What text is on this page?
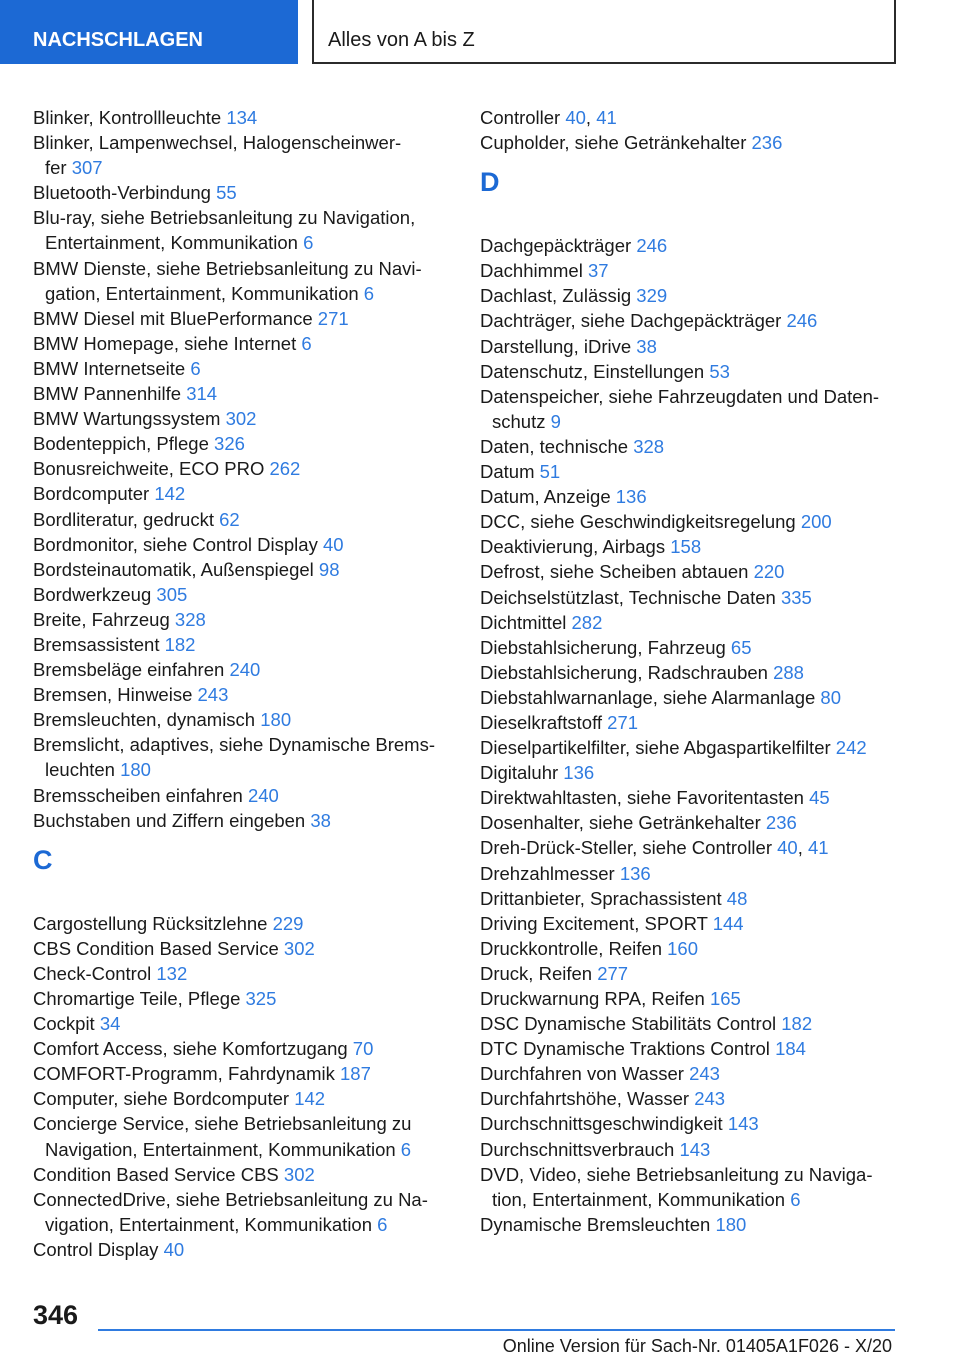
NACHSCHLAGEN	Alles von A bis Z
Blinker, Kontrollleuchte 134
Blinker, Lampenwechsel, Halogenscheinwer-
fer 307
Bluetooth-Verbindung 55
Blu-ray, siehe Betriebsanleitung zu Navigation,
Entertainment, Kommunikation 6
BMW Dienste, siehe Betriebsanleitung zu Navi-
gation, Entertainment, Kommunikation 6
BMW Diesel mit BluePerformance 271
BMW Homepage, siehe Internet 6
BMW Internetseite 6
BMW Pannenhilfe 314
BMW Wartungssystem 302
Bodenteppich, Pflege 326
Bonusreichweite, ECO PRO 262
Bordcomputer 142
Bordliteratur, gedruckt 62
Bordmonitor, siehe Control Display 40
Bordsteinautomatik, Außenspiegel 98
Bordwerkzeug 305
Breite, Fahrzeug 328
Bremsassistent 182
Bremsbeläge einfahren 240
Bremsen, Hinweise 243
Bremsleuchten, dynamisch 180
Bremslicht, adaptives, siehe Dynamische Brems-
leuchten 180
Bremsscheiben einfahren 240
Buchstaben und Ziffern eingeben 38
C
Cargostellung Rücksitzlehne 229
CBS Condition Based Service 302
Check-Control 132
Chromartige Teile, Pflege 325
Cockpit 34
Comfort Access, siehe Komfortzugang 70
COMFORT-Programm, Fahrdynamik 187
Computer, siehe Bordcomputer 142
Concierge Service, siehe Betriebsanleitung zu
Navigation, Entertainment, Kommunikation 6
Condition Based Service CBS 302
ConnectedDrive, siehe Betriebsanleitung zu Na-
vigation, Entertainment, Kommunikation 6
Control Display 40
Controller 40, 41
Cupholder, siehe Getränkehalter 236
D
Dachgepäckträger 246
Dachhimmel 37
Dachlast, Zulässig 329
Dachträger, siehe Dachgepäckträger 246
Darstellung, iDrive 38
Datenschutz, Einstellungen 53
Datenspeicher, siehe Fahrzeugdaten und Daten-
schutz 9
Daten, technische 328
Datum 51
Datum, Anzeige 136
DCC, siehe Geschwindigkeitsregelung 200
Deaktivierung, Airbags 158
Defrost, siehe Scheiben abtauen 220
Deichselstützlast, Technische Daten 335
Dichtmittel 282
Diebstahlsicherung, Fahrzeug 65
Diebstahlsicherung, Radschrauben 288
Diebstahlwarnanlage, siehe Alarmanlage 80
Dieselkraftstoff 271
Dieselpartikelfilter, siehe Abgaspartikelfilter 242
Digitaluhr 136
Direktwahltasten, siehe Favoritentasten 45
Dosenhalter, siehe Getränkehalter 236
Dreh-Drück-Steller, siehe Controller 40, 41
Drehzahlmesser 136
Drittanbieter, Sprachassistent 48
Driving Excitement, SPORT 144
Druckkontrolle, Reifen 160
Druck, Reifen 277
Druckwarnung RPA, Reifen 165
DSC Dynamische Stabilitäts Control 182
DTC Dynamische Traktions Control 184
Durchfahren von Wasser 243
Durchfahrtshöhe, Wasser 243
Durchschnittsgeschwindigkeit 143
Durchschnittsverbrauch 143
DVD, Video, siehe Betriebsanleitung zu Naviga-
tion, Entertainment, Kommunikation 6
Dynamische Bremsleuchten 180
346
Online Version für Sach-Nr. 01405A1F026 - X/20
